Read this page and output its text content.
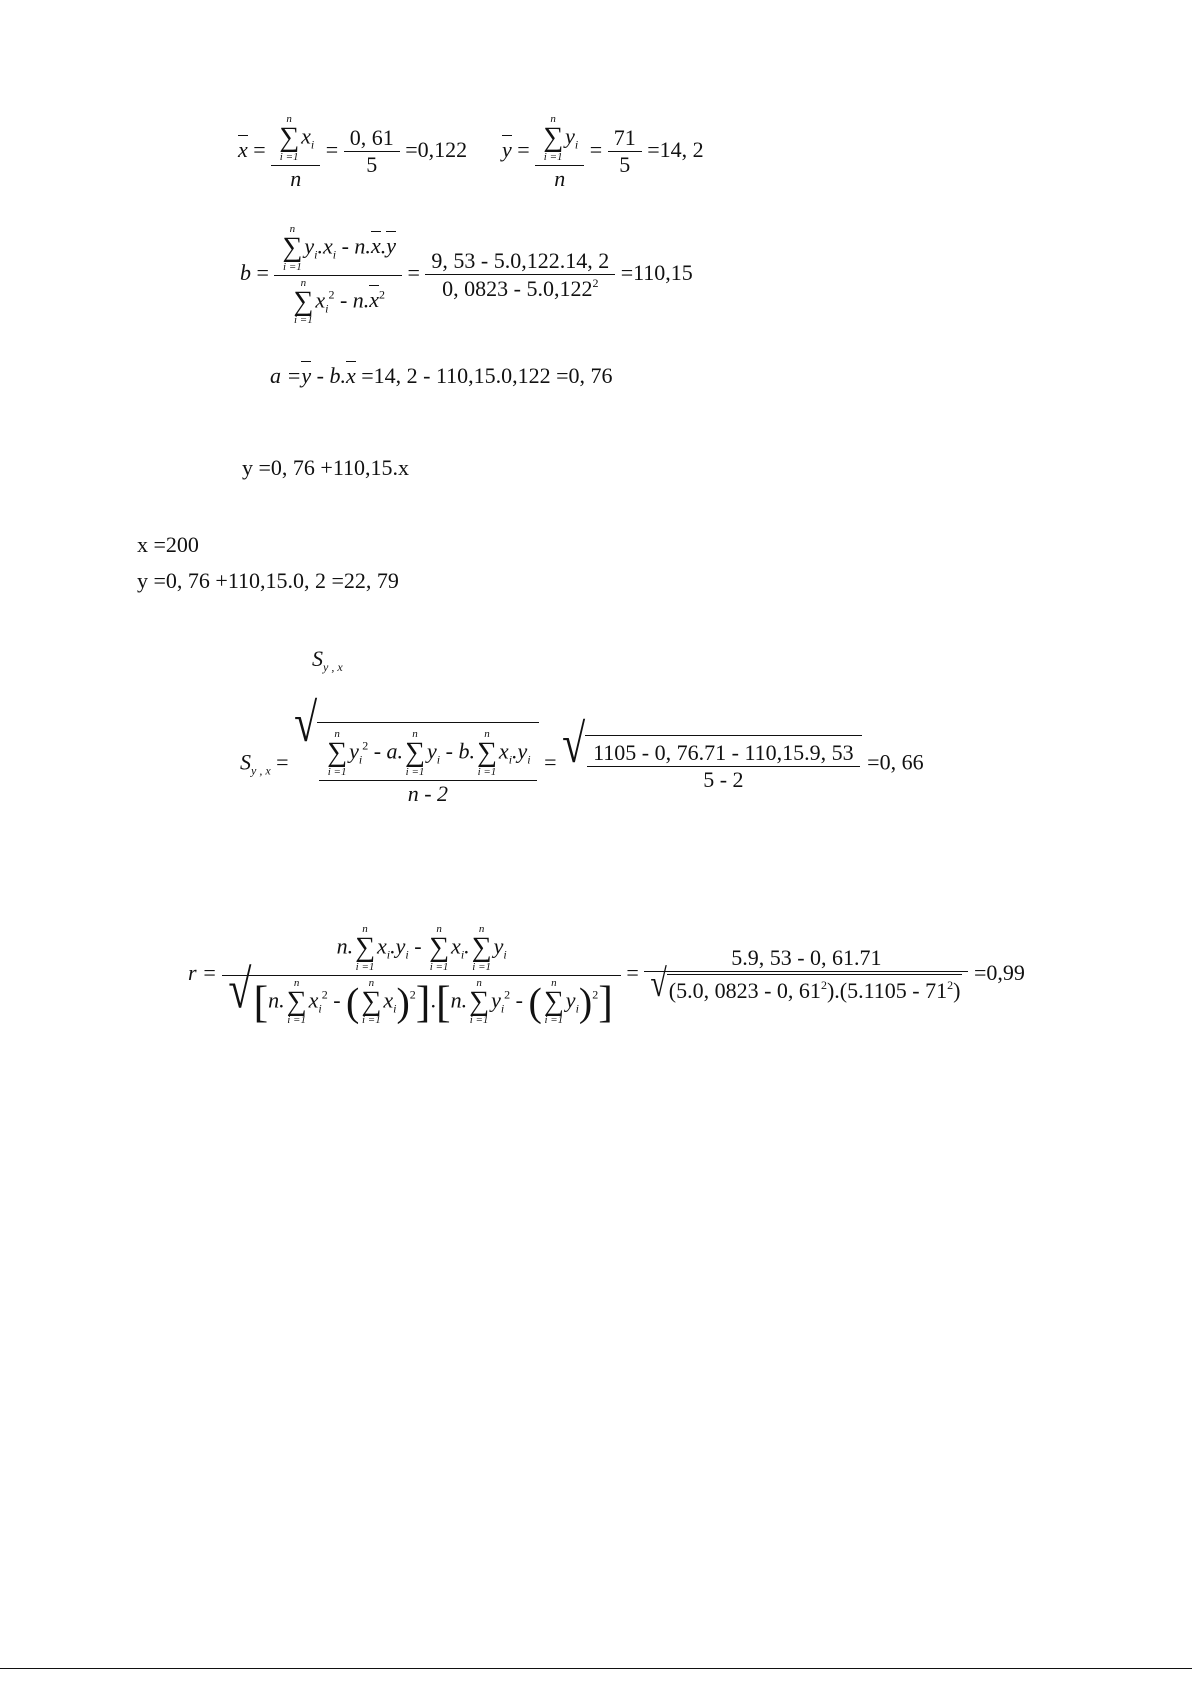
x = n
∑
i =1
$x_i$
$n = \frac{0, 61}{5} =0,122$ y = n
∑
i =1
$y_i$
$n = \frac{71}{5} =14$, 2
b = n
∑
i =1
$y_i.x_i - n.x.y$
n
∑
i =1
$x_i^2 - n.x^2 = \frac{9, 53 - 5.0,122.14, 2}{0, 0823 - 5.0,122^2} =110,15$
a =y - b.x =14, 2 - 110,15.0,122 =0, 76
y =0, 76 +110,15.x
x =200
y =0, 76 +110,15.0, 2 =22, 79
$S_{y , x}$
$S_{y , x}$ =
√
n
∑
i =1
$y_i^2$ - a.
n
∑
i =1
$y_i$ - b.
n
∑
i =1
$x_i.y_i$
n - 2 = √ $\frac{1105 - 0, 76.71 - 110,15.9, 53}{5 - 2} =0$, 66
r =
n.
n
∑
i =1
$x_i.y_i$ -
n
∑
i =1
$x_i$.
n
∑
i =1
$y_i$
√ [n.
n
∑
i =1
$x_i^2$ - ( n
∑
i =1
$x_i)^2].[n$.
n
∑
i =1
$y_i^2$ - ( n
∑
i =1
$y_i)^2$]
= $\frac{5.9, 53 - 0, 61.71}{√ (5.0, 0823 - 0, 61^2).(5.1105 - 71^2)} =0,99$
